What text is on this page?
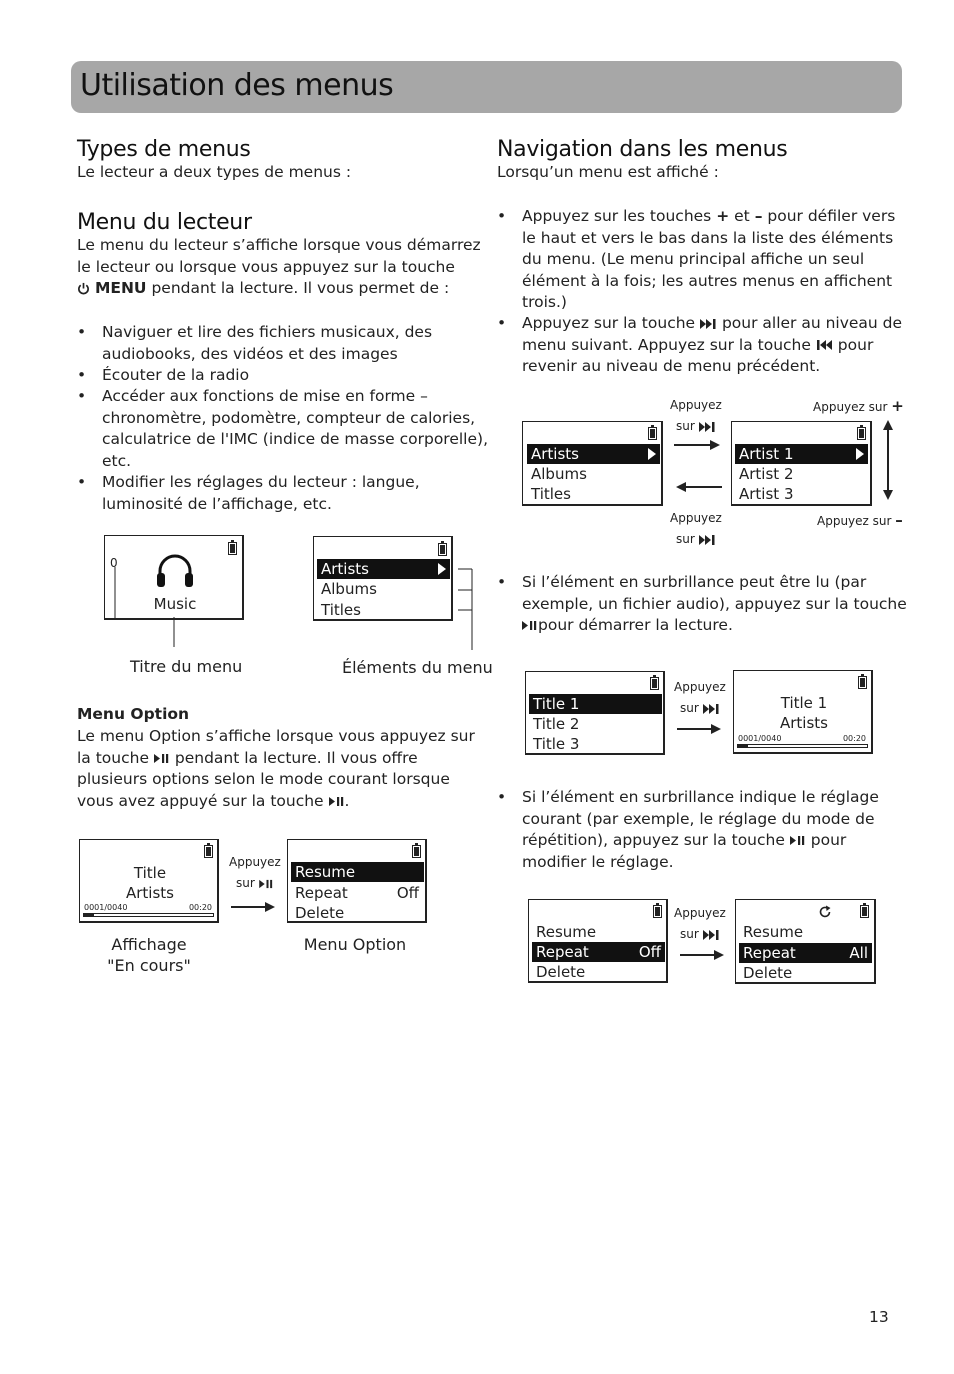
Utilisation des menus
Types de menus
Le lecteur a deux types de menus :
Menu du lecteur
Le menu du lecteur s’affiche lorsque vous démarrez
le lecteur ou lorsque vous appuyez sur la touche
MENU pendant la lecture. Il vous permet de :
• Naviguer et lire des fichiers musicaux, des
audiobooks, des vidéos et des images
• Écouter de la radio
• Accéder aux fonctions de mise en forme –
chronomètre, podomètre, compteur de calories,
calculatrice de l'IMC (indice de masse corporelle),
etc.
• Modifier les réglages du lecteur : langue,
luminosité de l’affichage, etc.
0
Music
Artists
Albums
Titles
Titre du menu	Éléments du menu
Menu Option
Le menu Option s’affiche lorsque vous appuyez sur
la touche pendant la lecture. Il vous offre
plusieurs options selon le mode courant lorsque
vous avez appuyé sur la touche .
Title
Artists
0001/0040	00:20
Appuyez
sur
Resume
Repeat	Off
Delete
Affichage
"En cours"
Menu Option
Navigation dans les menus
Lorsqu’un menu est affiché :
• Appuyez sur les touches + et – pour défiler vers
le haut et vers le bas dans la liste des éléments
du menu. (Le menu principal affiche un seul
élément à la fois; les autres menus en affichent
trois.)
• Appuyez sur la touche pour aller au niveau de
menu suivant. Appuyez sur la touche pour
revenir au niveau de menu précédent.
Artists
Albums
Titles
Appuyez
sur
Appuyez
sur
Artist 1
Artist 2
Artist 3
Appuyez sur +
Appuyez sur –
• Si l’élément en surbrillance peut être lu (par
exemple, un fichier audio), appuyez sur la touche
pour démarrer la lecture.
Title 1
Title 2
Title 3
Appuyez
sur	Title 1
Artists
0001/0040	00:20
• Si l’élément en surbrillance indique le réglage
courant (par exemple, le réglage du mode de
répétition), appuyez sur la touche pour
modifier le réglage.
Resume
Repeat	Off
Delete
Appuyez
sur	Resume
Repeat	All
Delete
13
